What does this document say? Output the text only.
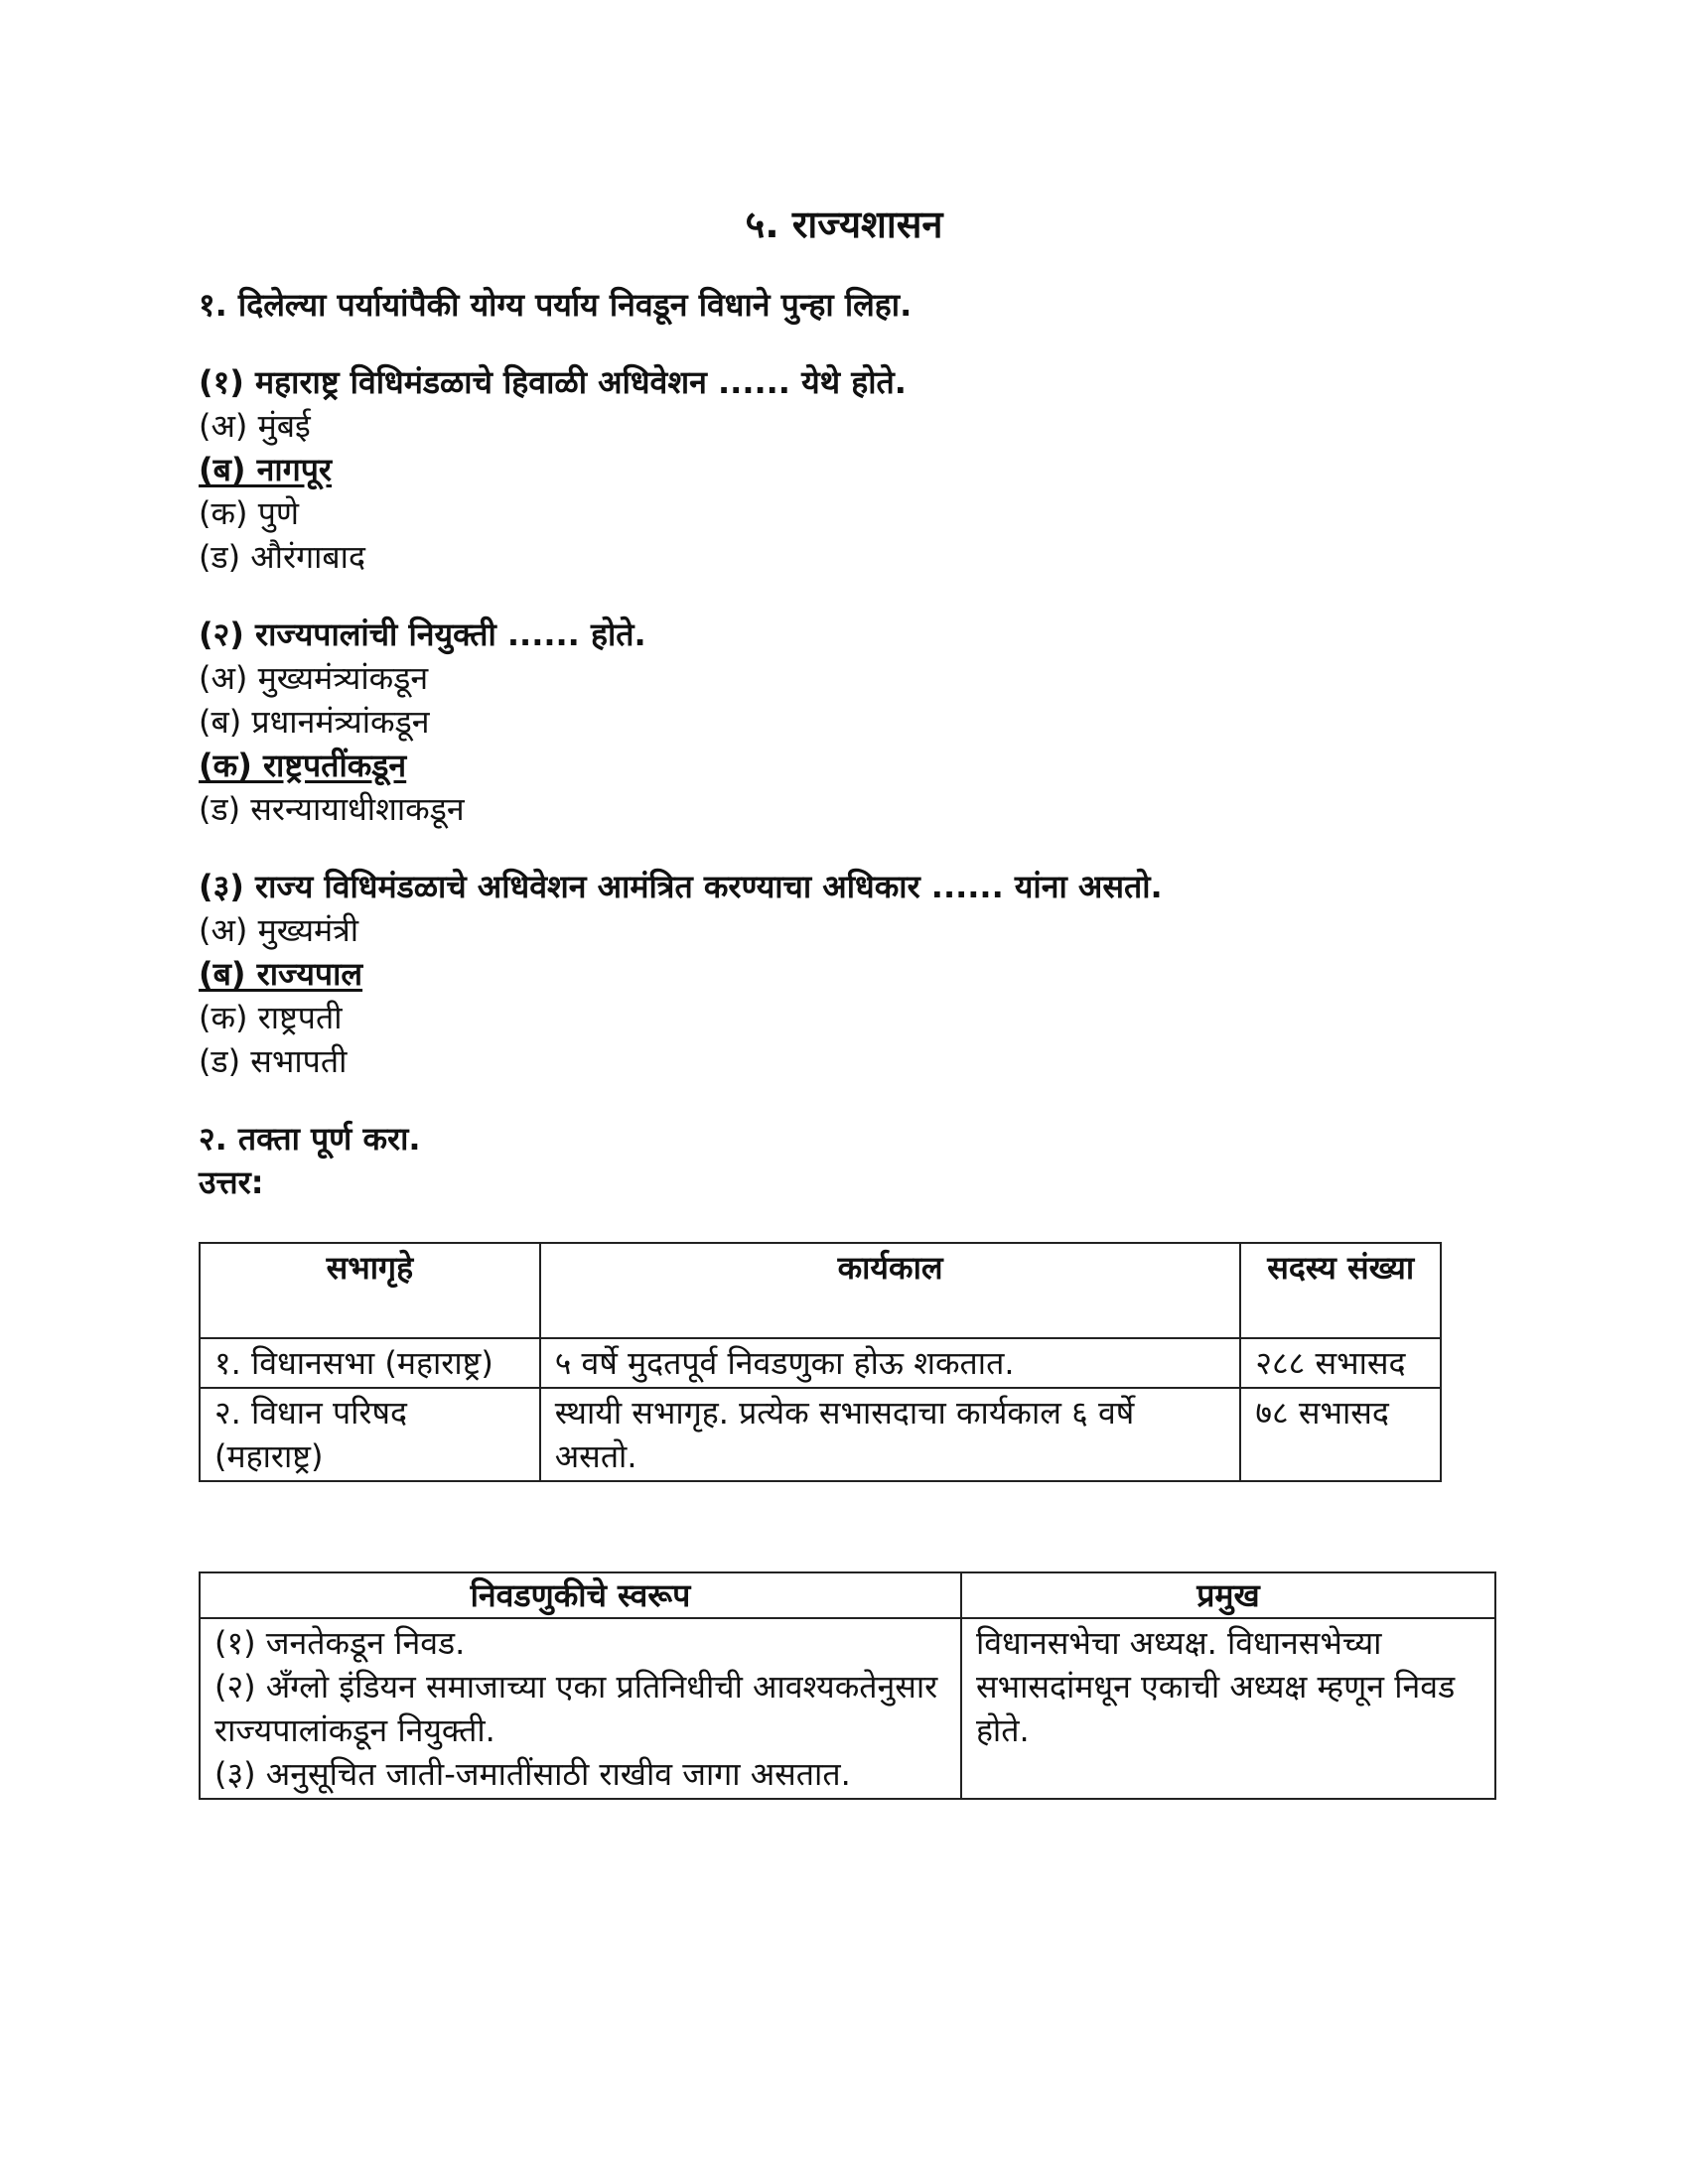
५. राज्यशासन

१. दिलेल्या पर्यायांपैकी योग्य पर्याय निवडून विधाने पुन्हा लिहा.

(१) महाराष्ट्र विधिमंडळाचे हिवाळी अधिवेशन ...... येथे होते.

(अ) मुंबई

(ब) नागपूर

(क) पुणे

(ड) औरंगाबाद

(२) राज्यपालांची नियुक्ती ...... होते.

(अ) मुख्यमंत्र्यांकडून

(ब) प्रधानमंत्र्यांकडून

(क) राष्ट्रपतींकडून

(ड) सरन्यायाधीशाकडून

(३) राज्य विधिमंडळाचे अधिवेशन आमंत्रित करण्याचा अधिकार ...... यांना असतो.

(अ) मुख्यमंत्री

(ब) राज्यपाल

(क) राष्ट्रपती

(ड) सभापती

२. तक्ता पूर्ण करा.

उत्तर:

सभागृहे	कार्यकाल	सदस्य संख्या
१. विधानसभा (महाराष्ट्र)	५ वर्षे मुदतपूर्व निवडणुका होऊ शकतात.	२८८ सभासद
२. विधान परिषद (महाराष्ट्र)	स्थायी सभागृह. प्रत्येक सभासदाचा कार्यकाल ६ वर्षे असतो.	७८ सभासद
निवडणुकीचे स्वरूप	प्रमुख

(१) जनतेकडून निवड.
(२) अँग्लो इंडियन समाजाच्या एका प्रतिनिधीची आवश्यकतेनुसार राज्यपालांकडून नियुक्ती.
(३) अनुसूचित जाती-जमातींसाठी राखीव जागा असतात.	विधानसभेचा अध्यक्ष. विधानसभेच्या सभासदांमधून एकाची अध्यक्ष म्हणून निवड होते.
